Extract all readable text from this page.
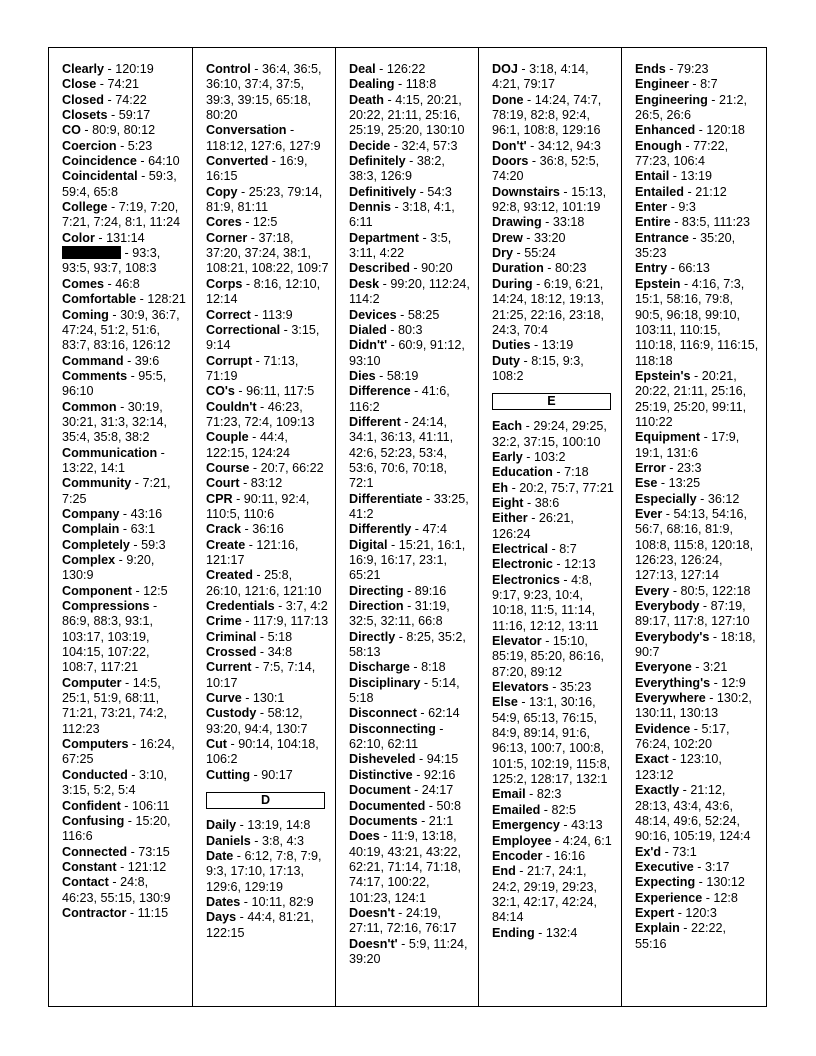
Clearly - 120:19

Close - 74:21

Closed - 74:22

Closets - 59:17

CO - 80:9, 80:12

Coercion - 5:23

Coincidence - 64:10

Coincidental - 59:3, 59:4, 65:8

College - 7:19, 7:20, 7:21, 7:24, 8:1, 11:24

Color - 131:14

- 93:3, 93:5, 93:7, 108:3

Comes - 46:8

Comfortable - 128:21

Coming - 30:9, 36:7, 47:24, 51:2, 51:6, 83:7, 83:16, 126:12

Command - 39:6

Comments - 95:5, 96:10

Common - 30:19, 30:21, 31:3, 32:14, 35:4, 35:8, 38:2

Communication - 13:22, 14:1

Community - 7:21, 7:25

Company - 43:16

Complain - 63:1

Completely - 59:3

Complex - 9:20, 130:9

Component - 12:5

Compressions - 86:9, 88:3, 93:1, 103:17, 103:19, 104:15, 107:22, 108:7, 117:21

Computer - 14:5, 25:1, 51:9, 68:11, 71:21, 73:21, 74:2, 112:23

Computers - 16:24, 67:25

Conducted - 3:10, 3:15, 5:2, 5:4

Confident - 106:11

Confusing - 15:20, 116:6

Connected - 73:15

Constant - 121:12

Contact - 24:8, 46:23, 55:15, 130:9

Contractor - 11:15

Control - 36:4, 36:5, 36:10, 37:4, 37:5, 39:3, 39:15, 65:18, 80:20

Conversation - 118:12, 127:6, 127:9

Converted - 16:9, 16:15

Copy - 25:23, 79:14, 81:9, 81:11

Cores - 12:5

Corner - 37:18, 37:20, 37:24, 38:1, 108:21, 108:22, 109:7

Corps - 8:16, 12:10, 12:14

Correct - 113:9

Correctional - 3:15, 9:14

Corrupt - 71:13, 71:19

CO's - 96:11, 117:5

Couldn't - 46:23, 71:23, 72:4, 109:13

Couple - 44:4, 122:15, 124:24

Course - 20:7, 66:22

Court - 83:12

CPR - 90:11, 92:4, 110:5, 110:6

Crack - 36:16

Create - 121:16, 121:17

Created - 25:8, 26:10, 121:6, 121:10

Credentials - 3:7, 4:2

Crime - 117:9, 117:13

Criminal - 5:18

Crossed - 34:8

Current - 7:5, 7:14, 10:17

Curve - 130:1

Custody - 58:12, 93:20, 94:4, 130:7

Cut - 90:14, 104:18, 106:2

Cutting - 90:17

D

Daily - 13:19, 14:8

Daniels - 3:8, 4:3

Date - 6:12, 7:8, 7:9, 9:3, 17:10, 17:13, 129:6, 129:19

Dates - 10:11, 82:9

Days - 44:4, 81:21, 122:15

Deal - 126:22

Dealing - 118:8

Death - 4:15, 20:21, 20:22, 21:11, 25:16, 25:19, 25:20, 130:10

Decide - 32:4, 57:3

Definitely - 38:2, 38:3, 126:9

Definitively - 54:3

Dennis - 3:18, 4:1, 6:11

Department - 3:5, 3:11, 4:22

Described - 90:20

Desk - 99:20, 112:24, 114:2

Devices - 58:25

Dialed - 80:3

Didn't' - 60:9, 91:12, 93:10

Dies - 58:19

Difference - 41:6, 116:2

Different - 24:14, 34:1, 36:13, 41:11, 42:6, 52:23, 53:4, 53:6, 70:6, 70:18, 72:1

Differentiate - 33:25, 41:2

Differently - 47:4

Digital - 15:21, 16:1, 16:9, 16:17, 23:1, 65:21

Directing - 89:16

Direction - 31:19, 32:5, 32:11, 66:8

Directly - 8:25, 35:2, 58:13

Discharge - 8:18

Disciplinary - 5:14, 5:18

Disconnect - 62:14

Disconnecting - 62:10, 62:11

Disheveled - 94:15

Distinctive - 92:16

Document - 24:17

Documented - 50:8

Documents - 21:1

Does - 11:9, 13:18, 40:19, 43:21, 43:22, 62:21, 71:14, 71:18, 74:17, 100:22, 101:23, 124:1

Doesn't - 24:19, 27:11, 72:16, 76:17

Doesn't' - 5:9, 11:24, 39:20

DOJ - 3:18, 4:14, 4:21, 79:17

Done - 14:24, 74:7, 78:19, 82:8, 92:4, 96:1, 108:8, 129:16

Don't' - 34:12, 94:3

Doors - 36:8, 52:5, 74:20

Downstairs - 15:13, 92:8, 93:12, 101:19

Drawing - 33:18

Drew - 33:20

Dry - 55:24

Duration - 80:23

During - 6:19, 6:21, 14:24, 18:12, 19:13, 21:25, 22:16, 23:18, 24:3, 70:4

Duties - 13:19

Duty - 8:15, 9:3, 108:2

E

Each - 29:24, 29:25, 32:2, 37:15, 100:10

Early - 103:2

Education - 7:18

Eh - 20:2, 75:7, 77:21

Eight - 38:6

Either - 26:21, 126:24

Electrical - 8:7

Electronic - 12:13

Electronics - 4:8, 9:17, 9:23, 10:4, 10:18, 11:5, 11:14, 11:16, 12:12, 13:11

Elevator - 15:10, 85:19, 85:20, 86:16, 87:20, 89:12

Elevators - 35:23

Else - 13:1, 30:16, 54:9, 65:13, 76:15, 84:9, 89:14, 91:6, 96:13, 100:7, 100:8, 101:5, 102:19, 115:8, 125:2, 128:17, 132:1

Email - 82:3

Emailed - 82:5

Emergency - 43:13

Employee - 4:24, 6:1

Encoder - 16:16

End - 21:7, 24:1, 24:2, 29:19, 29:23, 32:1, 42:17, 42:24, 84:14

Ending - 132:4

Ends - 79:23

Engineer - 8:7

Engineering - 21:2, 26:5, 26:6

Enhanced - 120:18

Enough - 77:22, 77:23, 106:4

Entail - 13:19

Entailed - 21:12

Enter - 9:3

Entire - 83:5, 111:23

Entrance - 35:20, 35:23

Entry - 66:13

Epstein - 4:16, 7:3, 15:1, 58:16, 79:8, 90:5, 96:18, 99:10, 103:11, 110:15, 110:18, 116:9, 116:15, 118:18

Epstein's - 20:21, 20:22, 21:11, 25:16, 25:19, 25:20, 99:11, 110:22

Equipment - 17:9, 19:1, 131:6

Error - 23:3

Ese - 13:25

Especially - 36:12

Ever - 54:13, 54:16, 56:7, 68:16, 81:9, 108:8, 115:8, 120:18, 126:23, 126:24, 127:13, 127:14

Every - 80:5, 122:18

Everybody - 87:19, 89:17, 117:8, 127:10

Everybody's - 18:18, 90:7

Everyone - 3:21

Everything's - 12:9

Everywhere - 130:2, 130:11, 130:13

Evidence - 5:17, 76:24, 102:20

Exact - 123:10, 123:12

Exactly - 21:12, 28:13, 43:4, 43:6, 48:14, 49:6, 52:24, 90:16, 105:19, 124:4

Ex'd - 73:1

Executive - 3:17

Expecting - 130:12

Experience - 12:8

Expert - 120:3

Explain - 22:22, 55:16
